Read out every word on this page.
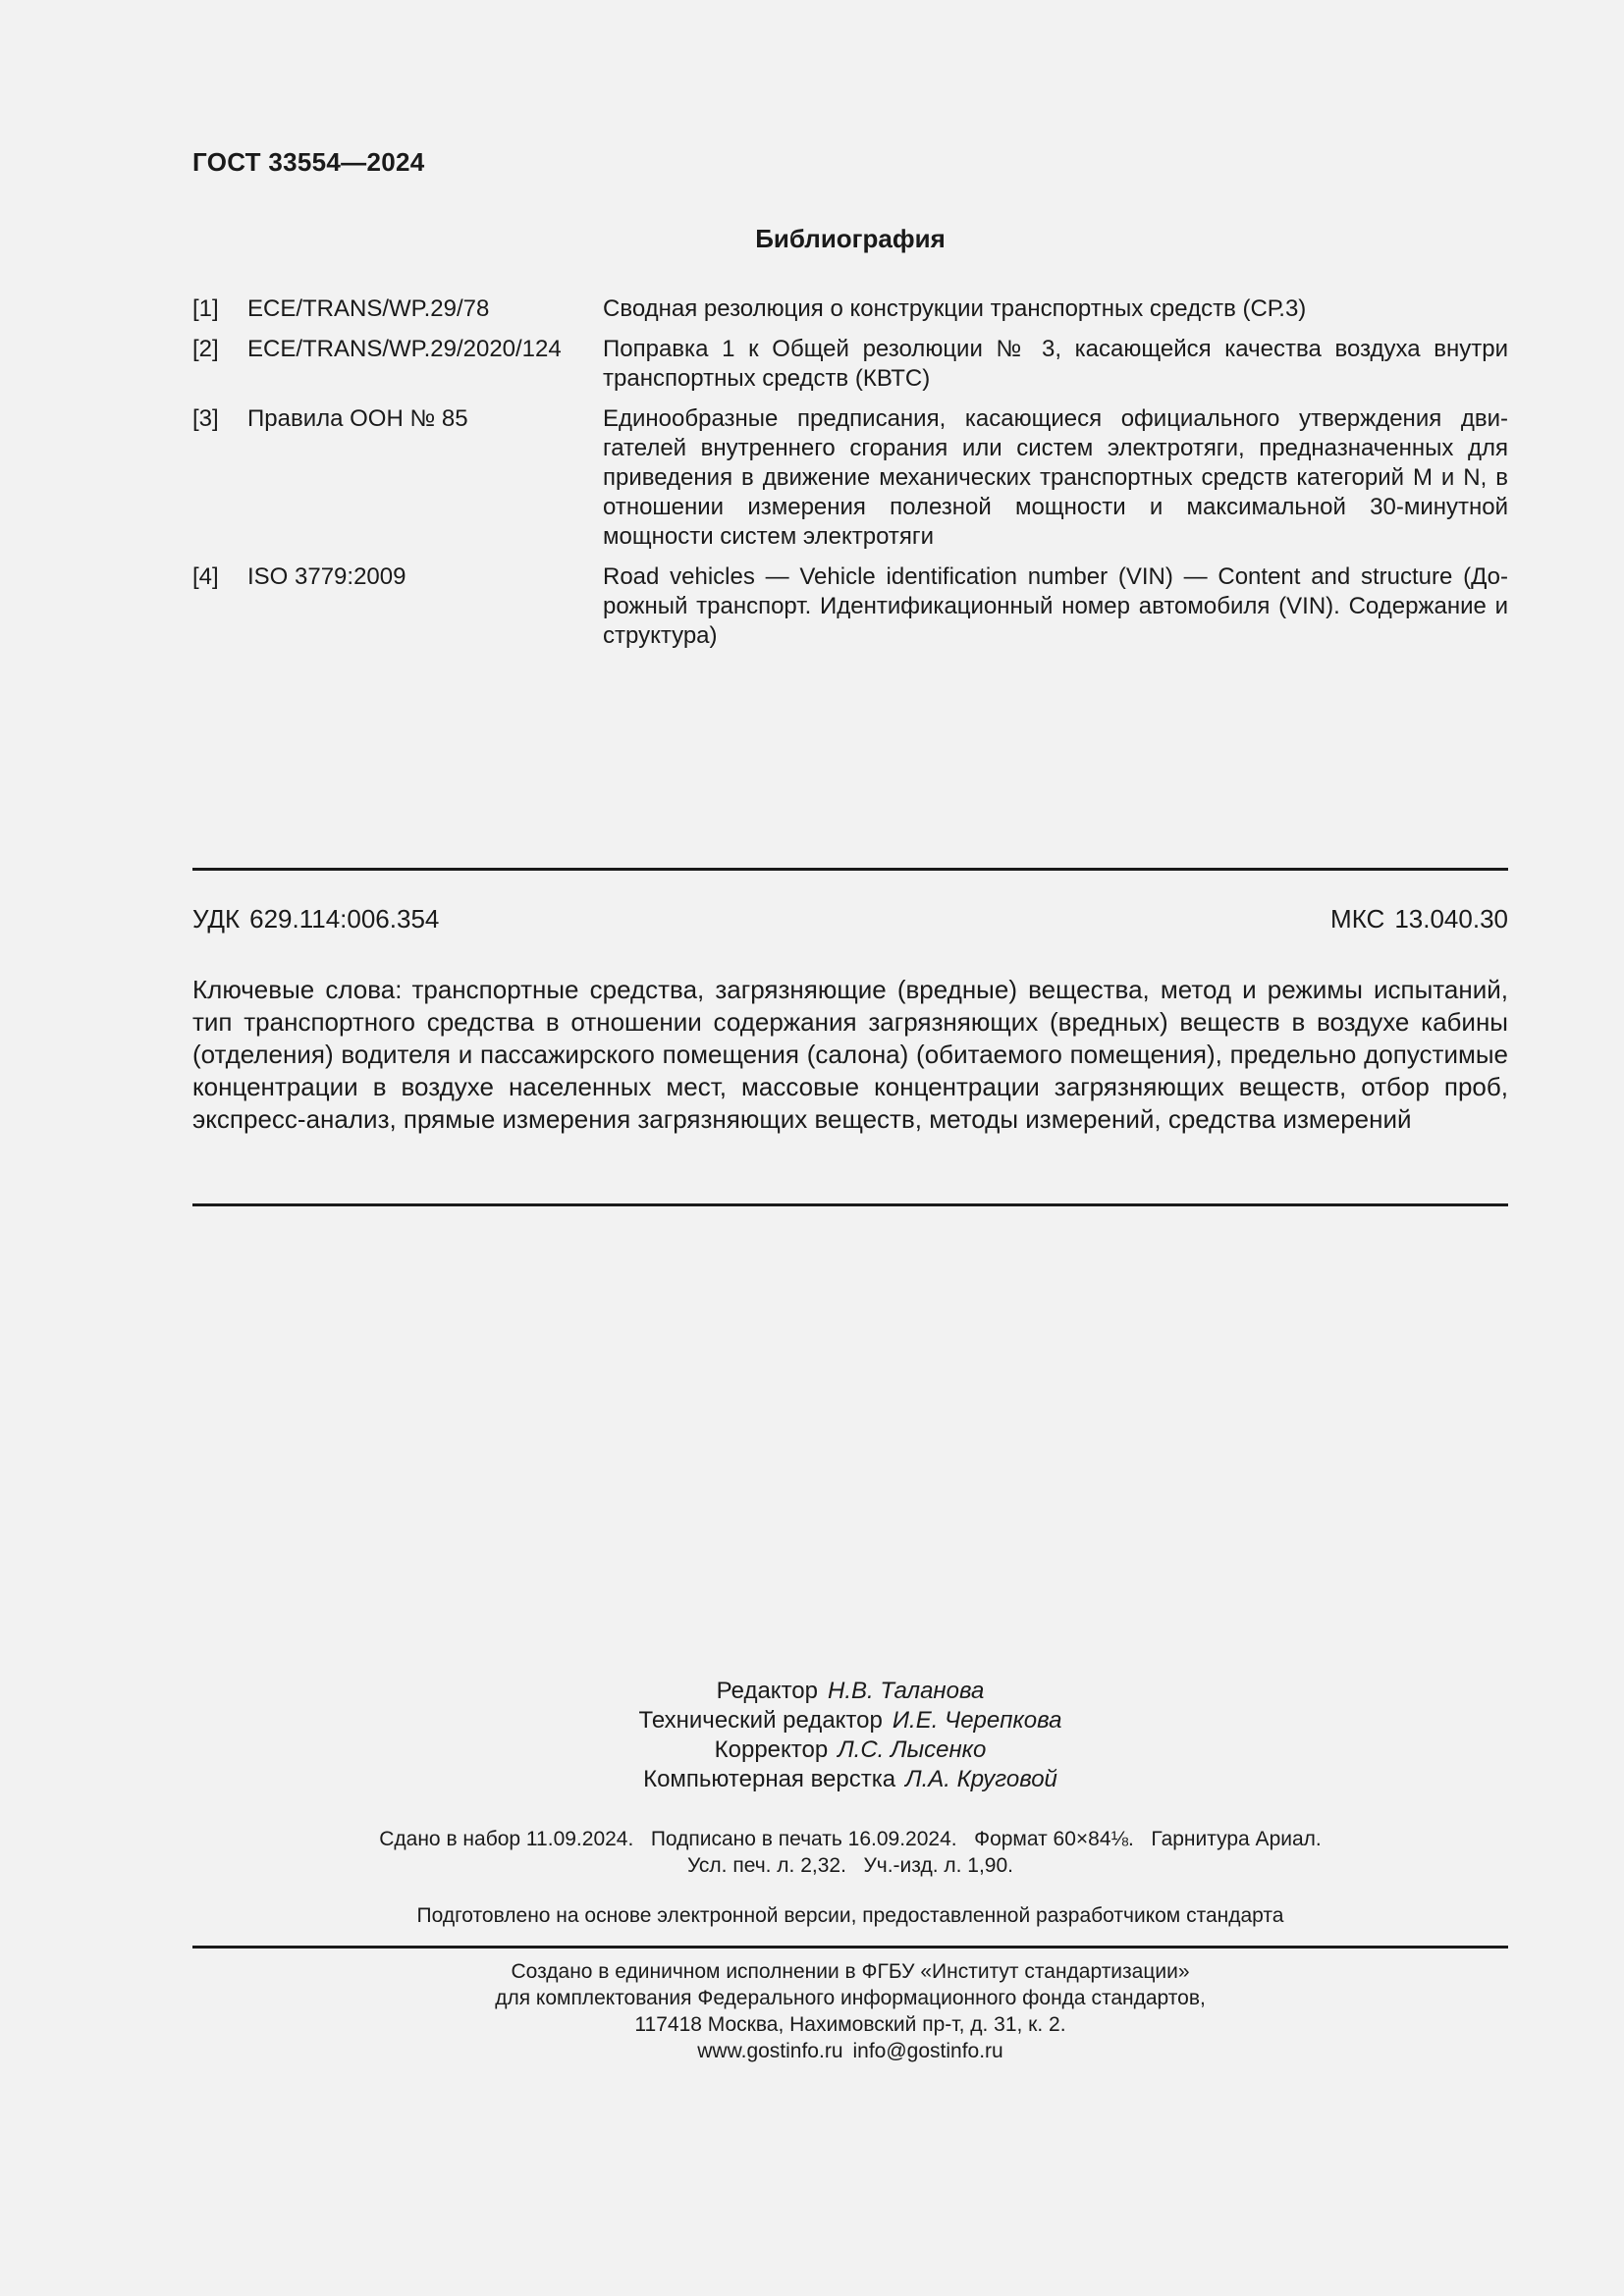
ГОСТ 33554—2024
Библиография
[1]	ECE/TRANS/WP.29/78	Сводная резолюция о конструкции транспортных средств (СР.3)
[2]	ECE/TRANS/WP.29/2020/124	Поправка 1 к Общей резолюции № 3, касающейся качества воздуха внутри транспортных средств (КВТС)
[3]	Правила ООН № 85	Единообразные предписания, касающиеся официального утверждения двигателей внутреннего сгорания или систем электротяги, предназначенных для приведения в движение механических транспортных средств категорий М и N, в отношении измерения полезной мощности и максимальной 30-минутной мощности систем электротяги
[4]	ISO 3779:2009	Road vehicles — Vehicle identification number (VIN) — Content and structure (Дорожный транспорт. Идентификационный номер автомобиля (VIN). Содержание и структура)
УДК 629.114:006.354	МКС 13.040.30
Ключевые слова: транспортные средства, загрязняющие (вредные) вещества, метод и режимы испытаний, тип транспортного средства в отношении содержания загрязняющих (вредных) веществ в воздухе кабины (отделения) водителя и пассажирского помещения (салона) (обитаемого помещения), предельно допустимые концентрации в воздухе населенных мест, массовые концентрации загрязняющих веществ, отбор проб, экспресс-анализ, прямые измерения загрязняющих веществ, методы измерений, средства измерений
Редактор Н.В. Таланова
Технический редактор И.Е. Черепкова
Корректор Л.С. Лысенко
Компьютерная верстка Л.А. Круговой
Сдано в набор 11.09.2024.   Подписано в печать 16.09.2024.   Формат 60×84⅛.   Гарнитура Ариал.
Усл. печ. л. 2,32.   Уч.-изд. л. 1,90.
Подготовлено на основе электронной версии, предоставленной разработчиком стандарта
Создано в единичном исполнении в ФГБУ «Институт стандартизации»
для комплектования Федерального информационного фонда стандартов,
117418 Москва, Нахимовский пр-т, д. 31, к. 2.
www.gostinfo.ru info@gostinfo.ru
